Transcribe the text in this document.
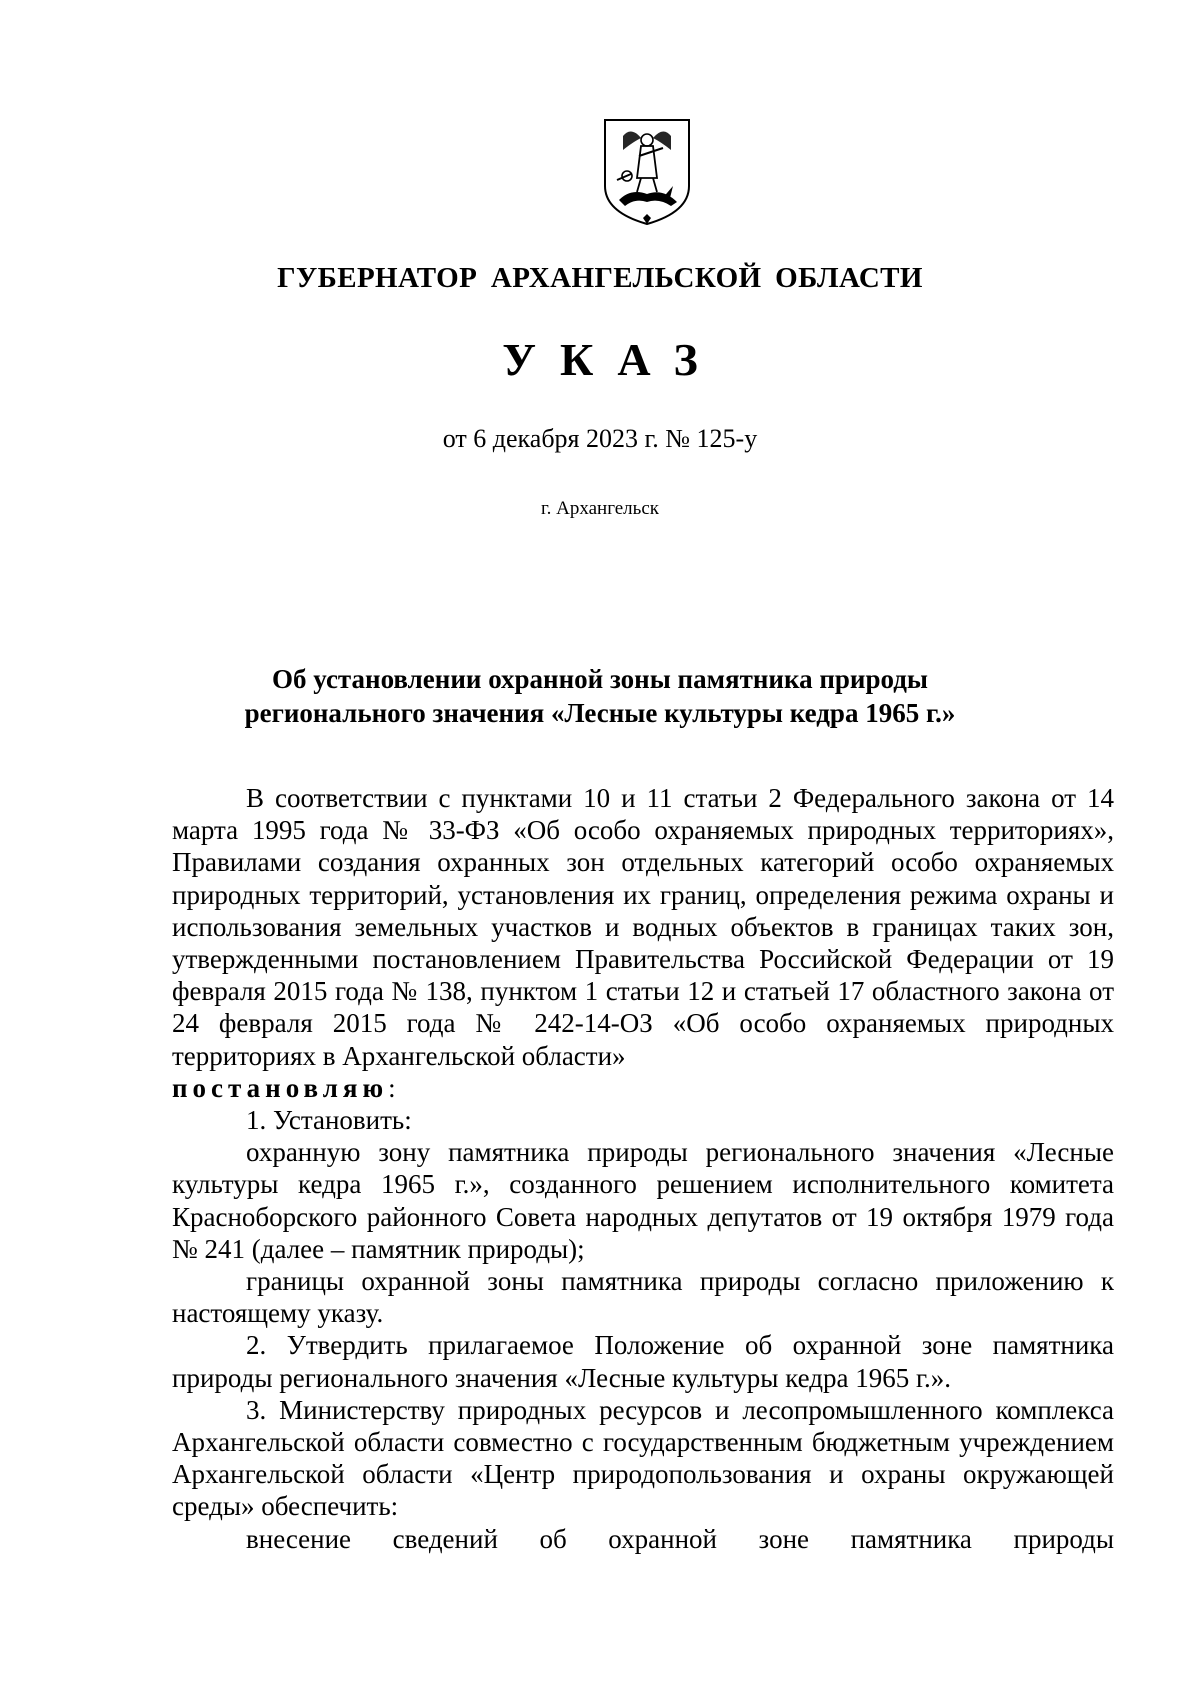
ГУБЕРНАТОР АРХАНГЕЛЬСКОЙ ОБЛАСТИ
УКАЗ
от 6 декабря 2023 г. № 125-у
г. Архангельск
Об установлении охранной зоны памятника природы
регионального значения «Лесные культуры кедра 1965 г.»

В соответствии с пунктами 10 и 11 статьи 2 Федерального закона от 14 марта 1995 года № 33-ФЗ «Об особо охраняемых природных территориях», Правилами создания охранных зон отдельных категорий особо охраняемых природных территорий, установления их границ, определения режима охраны и использования земельных участков и водных объектов в границах таких зон, утвержденными постановлением Правительства Российской Федерации от 19 февраля 2015 года № 138, пунктом 1 статьи 12 и статьей 17 областного закона от 24 февраля 2015 года № 242-14-ОЗ «Об особо охраняемых природных территориях в Архангельской области»

постановляю:

1. Установить:

охранную зону памятника природы регионального значения «Лесные культуры кедра 1965 г.», созданного решением исполнительного комитета Красноборского районного Совета народных депутатов от 19 октября 1979 года № 241 (далее – памятник природы);

границы охранной зоны памятника природы согласно приложению к настоящему указу.

2. Утвердить прилагаемое Положение об охранной зоне памятника природы регионального значения «Лесные культуры кедра 1965 г.».

3. Министерству природных ресурсов и лесопромышленного комплекса Архангельской области совместно с государственным бюджетным учреждением Архангельской области «Центр природопользования и охраны окружающей среды» обеспечить:

внесение сведений об охранной зоне памятника природы
